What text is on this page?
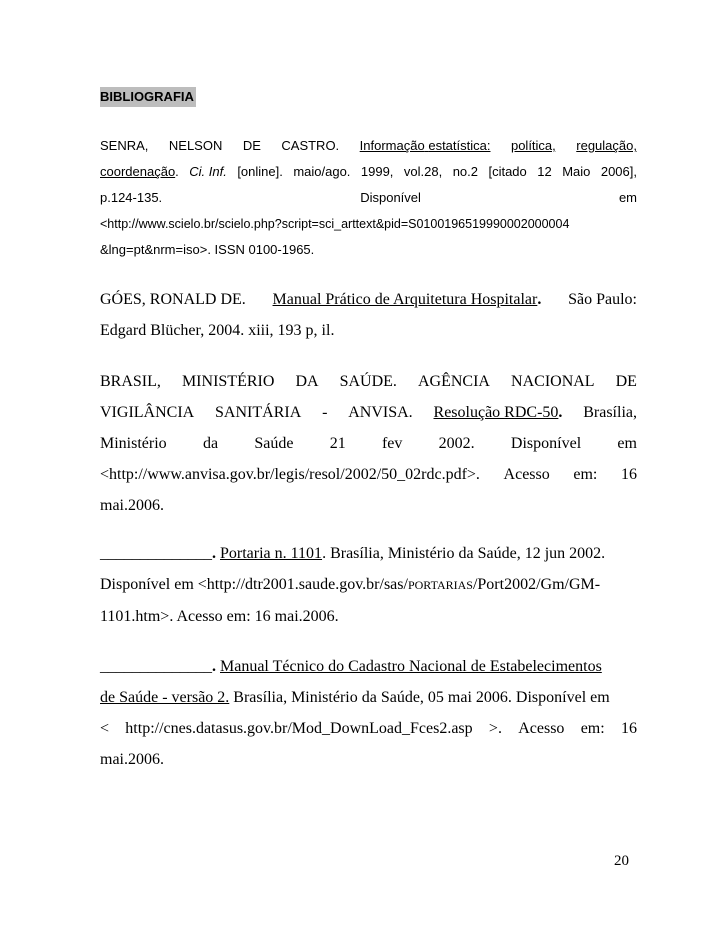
BIBLIOGRAFIA
SENRA, NELSON DE CASTRO. Informação estatística: política, regulação,
coordenação. Ci. Inf. [online]. maio/ago. 1999, vol.28, no.2 [citado 12 Maio 2006],
p.124-135.	Disponível	em
<http://www.scielo.br/scielo.php?script=sci_arttext&pid=S0100196519990002000004
&lng=pt&nrm=iso>. ISSN 0100-1965.
GÓES, RONALD DE. Manual Prático de Arquitetura Hospitalar. São Paulo:
Edgard Blücher, 2004. xiii, 193 p, il.
BRASIL, MINISTÉRIO DA SAÚDE. AGÊNCIA NACIONAL DE
VIGILÂNCIA SANITÁRIA - ANVISA. Resolução RDC-50. Brasília,
Ministério da Saúde 21 fev 2002. Disponível em
<http://www.anvisa.gov.br/legis/resol/2002/50_02rdc.pdf>. Acesso em: 16
mai.2006.
______________. Portaria n. 1101. Brasília, Ministério da Saúde, 12 jun 2002.
Disponível em <http://dtr2001.saude.gov.br/sas/PORTARIAS/Port2002/Gm/GM-
1101.htm>. Acesso em: 16 mai.2006.
______________. Manual Técnico do Cadastro Nacional de Estabelecimentos
de Saúde - versão 2. Brasília, Ministério da Saúde, 05 mai 2006. Disponível em
< http://cnes.datasus.gov.br/Mod_DownLoad_Fces2.asp >. Acesso em: 16
mai.2006.
20
